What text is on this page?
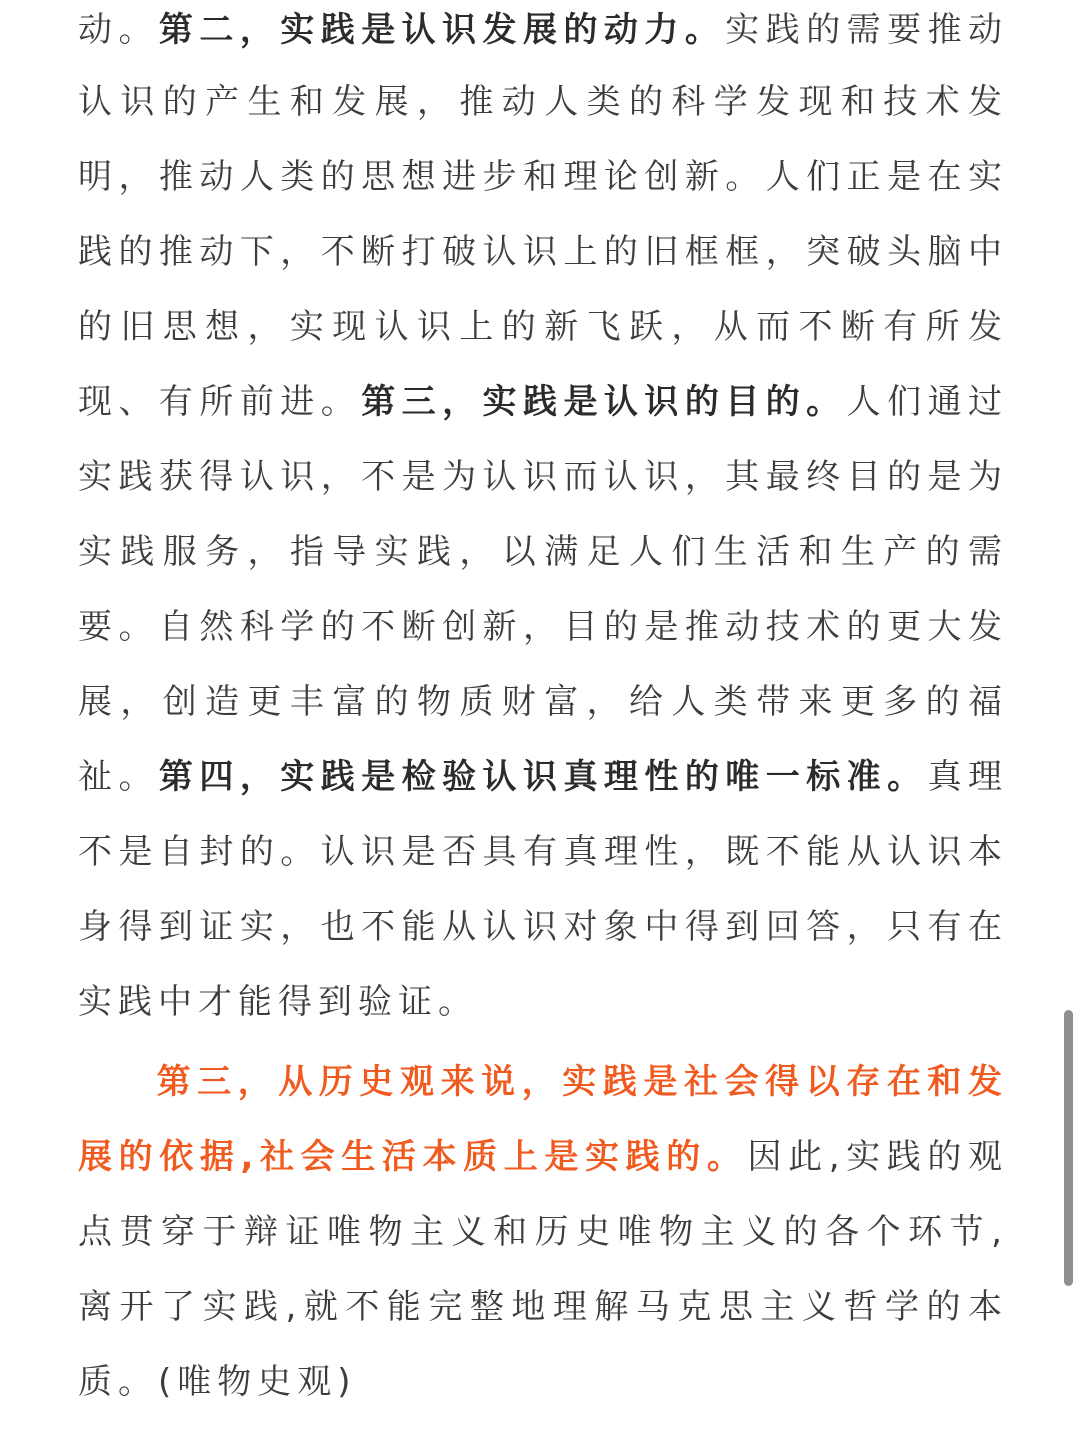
动。第二，实践是认识发展的动力。实践的需要推动
认识的产生和发展，推动人类的科学发现和技术发
明，推动人类的思想进步和理论创新。人们正是在实
践的推动下，不断打破认识上的旧框框，突破头脑中
的旧思想，实现认识上的新飞跃，从而不断有所发
现、有所前进。第三，实践是认识的目的。人们通过
实践获得认识，不是为认识而认识，其最终目的是为
实践服务，指导实践，以满足人们生活和生产的需
要。自然科学的不断创新，目的是推动技术的更大发
展，创造更丰富的物质财富，给人类带来更多的福
祉。第四，实践是检验认识真理性的唯一标准。真理
不是自封的。认识是否具有真理性，既不能从认识本
身得到证实，也不能从认识对象中得到回答，只有在
实践中才能得到验证。
第三，从历史观来说，实践是社会得以存在和发
展的依据,社会生活本质上是实践的。因此,实践的观
点贯穿于辩证唯物主义和历史唯物主义的各个环节,
离开了实践,就不能完整地理解马克思主义哲学的本
质。(唯物史观)
